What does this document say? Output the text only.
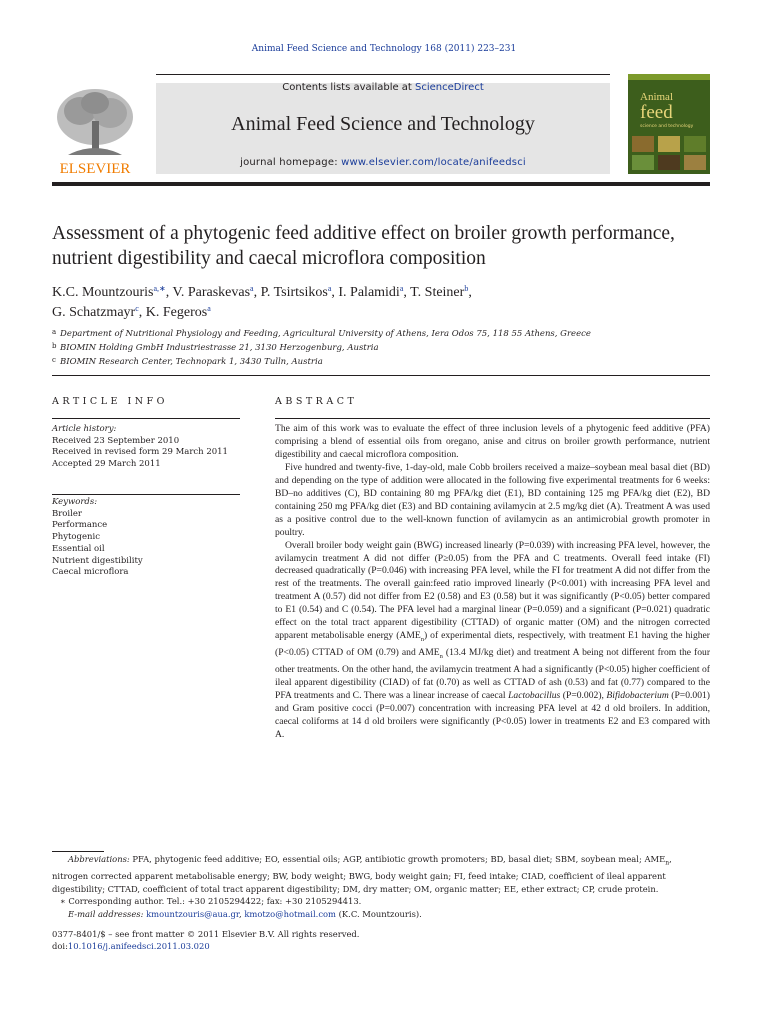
Animal Feed Science and Technology 168 (2011) 223–231
ELSEVIER
Contents lists available at ScienceDirect
Animal Feed Science and Technology
journal homepage: www.elsevier.com/locate/anifeedsci
Animal
feed
science and technology
Assessment of a phytogenic feed additive effect on broiler growth performance, nutrient digestibility and caecal microflora composition
K.C. Mountzouris$^{a,∗}$, V. Paraskevas$^a$, P. Tsirtsikos$^a$, I. Palamidi$^a$, T. Steiner$^b$,
G. Schatzmayr$^c$, K. Fegeros$^a$
a Department of Nutritional Physiology and Feeding, Agricultural University of Athens, Iera Odos 75, 118 55 Athens, Greece
b BIOMIN Holding GmbH Industriestrasse 21, 3130 Herzogenburg, Austria
c BIOMIN Research Center, Technopark 1, 3430 Tulln, Austria
ARTICLE INFO	ABSTRACT
Article history:
Received 23 September 2010
Received in revised form 29 March 2011
Accepted 29 March 2011
Keywords:
Broiler
Performance
Phytogenic
Essential oil
Nutrient digestibility
Caecal microflora

The aim of this work was to evaluate the effect of three inclusion levels of a phytogenic feed additive (PFA) comprising a blend of essential oils from oregano, anise and citrus on broiler growth performance, nutrient digestibility and caecal microflora composition.

Five hundred and twenty-five, 1-day-old, male Cobb broilers received a maize–soybean meal basal diet (BD) and depending on the type of addition were allocated in the following five experimental treatments for 6 weeks: BD–no additives (C), BD containing 80 mg PFA/kg diet (E1), BD containing 125 mg PFA/kg diet (E2), BD containing 250 mg PFA/kg diet (E3) and BD containing avilamycin at 2.5 mg/kg diet (A). Treatment A was used as a positive control due to the well-known function of avilamycin as an antimicrobial growth promoter in poultry.

Overall broiler body weight gain (BWG) increased linearly (P=0.039) with increasing PFA level, however, the avilamycin treatment A did not differ (P≥0.05) from the PFA and C treatments. Overall feed intake (FI) decreased quadratically (P=0.046) with increasing PFA level, while the FI for treatment A did not differ from the rest of the treatments. The overall gain:feed ratio improved linearly (P<0.001) with increasing PFA level and treatment A (0.57) did not differ from E2 (0.58) and E3 (0.58) but it was significantly (P<0.05) better compared to E1 (0.54) and C (0.54). The PFA level had a marginal linear (P=0.059) and a significant (P=0.021) quadratic effect on the total tract apparent digestibility (CTTAD) of organic matter (OM) and the nitrogen corrected apparent metabolisable energy $(AME_n)$ of experimental diets, respectively, with treatment E1 having the higher (P<0.05) CTTAD of OM (0.79) and $AME_n$ (13.4 MJ/kg diet) and treatment A being not different from the four other treatments. On the other hand, the avilamycin treatment A had a significantly (P<0.05) higher coefficient of ileal apparent digestibility (CIAD) of fat (0.70) as well as CTTAD of ash (0.53) and fat (0.77) compared to the PFA treatments and C. There was a linear increase of caecal Lactobacillus (P=0.002), Bifidobacterium (P=0.001) and Gram positive cocci (P=0.007) concentration with increasing PFA level at 42 d old broilers. In addition, caecal coliforms at 14 d old broilers were significantly (P<0.05) lower in treatments E2 and E3 compared with A.

Abbreviations: PFA, phytogenic feed additive; EO, essential oils; AGP, antibiotic growth promoters; BD, basal diet; SBM, soybean meal; $AME_n$, nitrogen corrected apparent metabolisable energy; BW, body weight; BWG, body weight gain; FI, feed intake; CIAD, coefficient of ileal apparent digestibility; CTTAD, coefficient of total tract apparent digestibility; DM, dry matter; OM, organic matter; EE, ether extract; CP, crude protein.

∗ Corresponding author. Tel.: +30 2105294422; fax: +30 2105294413.

E-mail addresses: kmountzouris@aua.gr, kmotzo@hotmail.com (K.C. Mountzouris).

0377-8401/$ – see front matter © 2011 Elsevier B.V. All rights reserved.

doi:10.1016/j.anifeedsci.2011.03.020
